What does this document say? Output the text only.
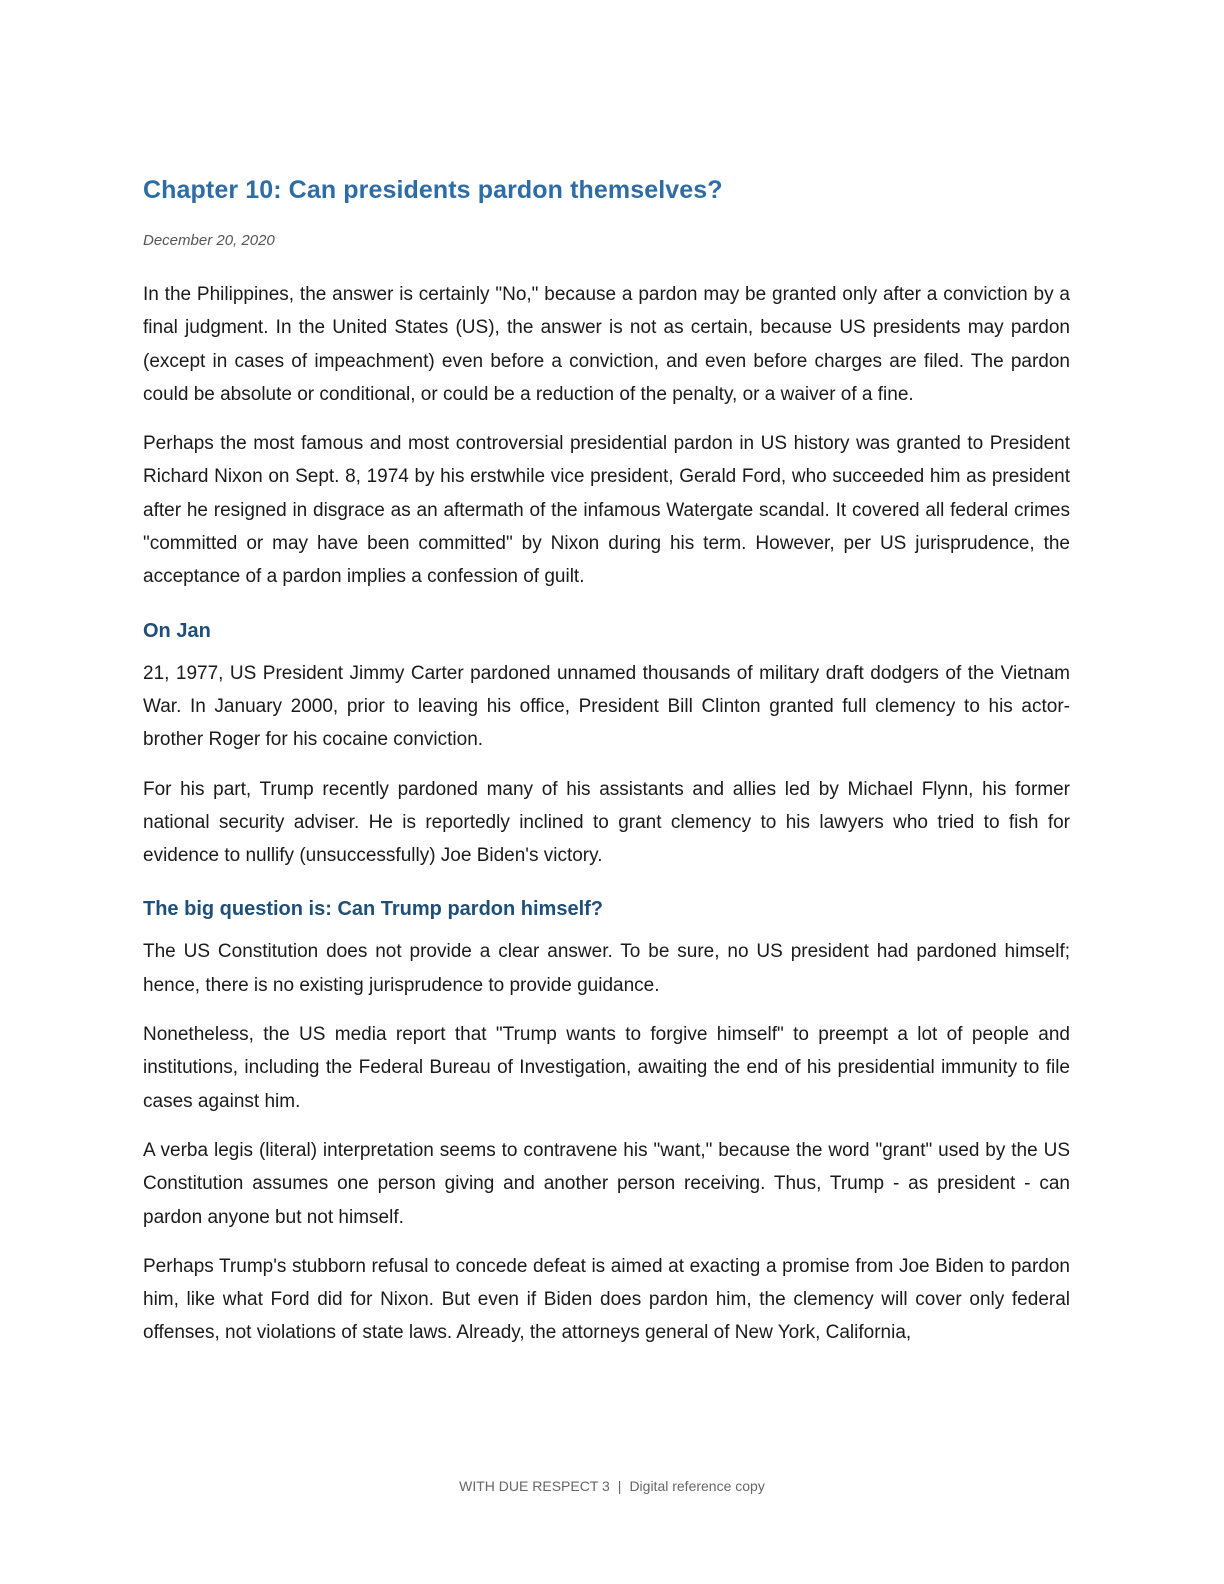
Chapter 10: Can presidents pardon themselves?
December 20, 2020

In the Philippines, the answer is certainly "No," because a pardon may be granted only after a conviction by a final judgment. In the United States (US), the answer is not as certain, because US presidents may pardon (except in cases of impeachment) even before a conviction, and even before charges are filed. The pardon could be absolute or conditional, or could be a reduction of the penalty, or a waiver of a fine.

Perhaps the most famous and most controversial presidential pardon in US history was granted to President Richard Nixon on Sept. 8, 1974 by his erstwhile vice president, Gerald Ford, who succeeded him as president after he resigned in disgrace as an aftermath of the infamous Watergate scandal. It covered all federal crimes "committed or may have been committed" by Nixon during his term. However, per US jurisprudence, the acceptance of a pardon implies a confession of guilt.

On Jan

21, 1977, US President Jimmy Carter pardoned unnamed thousands of military draft dodgers of the Vietnam War. In January 2000, prior to leaving his office, President Bill Clinton granted full clemency to his actor-brother Roger for his cocaine conviction.

For his part, Trump recently pardoned many of his assistants and allies led by Michael Flynn, his former national security adviser. He is reportedly inclined to grant clemency to his lawyers who tried to fish for evidence to nullify (unsuccessfully) Joe Biden's victory.

The big question is: Can Trump pardon himself?

The US Constitution does not provide a clear answer. To be sure, no US president had pardoned himself; hence, there is no existing jurisprudence to provide guidance.

Nonetheless, the US media report that "Trump wants to forgive himself" to preempt a lot of people and institutions, including the Federal Bureau of Investigation, awaiting the end of his presidential immunity to file cases against him.

A verba legis (literal) interpretation seems to contravene his "want," because the word "grant" used by the US Constitution assumes one person giving and another person receiving. Thus, Trump - as president - can pardon anyone but not himself.

Perhaps Trump's stubborn refusal to concede defeat is aimed at exacting a promise from Joe Biden to pardon him, like what Ford did for Nixon. But even if Biden does pardon him, the clemency will cover only federal offenses, not violations of state laws. Already, the attorneys general of New York, California,

WITH DUE RESPECT 3 | Digital reference copy
